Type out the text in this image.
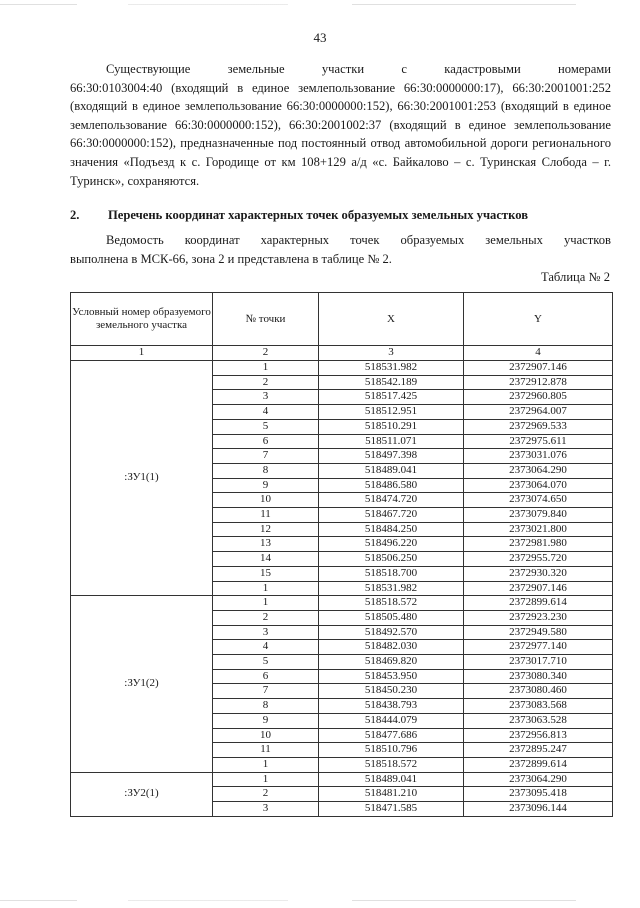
43
Существующие земельные участки с кадастровыми номерами
66:30:0103004:40 (входящий в единое землепользование 66:30:0000000:17), 66:30:2001001:252 (входящий в единое землепользование 66:30:0000000:152), 66:30:2001001:253 (входящий в единое землепользование 66:30:0000000:152), 66:30:2001002:37 (входящий в единое землепользование 66:30:0000000:152), предназначенные под постоянный отвод автомобильной дороги регионального значения «Подъезд к с. Городище от км 108+129 а/д «с. Байкалово – с. Туринская Слобода – г. Туринск», сохраняются.
2. Перечень координат характерных точек образуемых земельных участков
Ведомость координат характерных точек образуемых земельных участков
выполнена в МСК-66, зона 2 и представлена в таблице № 2.
Таблица № 2
Условный номер образуемого земельного участка	№ точки	X	Y
1	2	3	4
:ЗУ1(1)	1	518531.982	2372907.146
	2	518542.189	2372912.878
	3	518517.425	2372960.805
	4	518512.951	2372964.007
	5	518510.291	2372969.533
	6	518511.071	2372975.611
	7	518497.398	2373031.076
	8	518489.041	2373064.290
	9	518486.580	2373064.070
	10	518474.720	2373074.650
	11	518467.720	2373079.840
	12	518484.250	2373021.800
	13	518496.220	2372981.980
	14	518506.250	2372955.720
	15	518518.700	2372930.320
	1	518531.982	2372907.146
:ЗУ1(2)	1	518518.572	2372899.614
	2	518505.480	2372923.230
	3	518492.570	2372949.580
	4	518482.030	2372977.140
	5	518469.820	2373017.710
	6	518453.950	2373080.340
	7	518450.230	2373080.460
	8	518438.793	2373083.568
	9	518444.079	2373063.528
	10	518477.686	2372956.813
	11	518510.796	2372895.247
	1	518518.572	2372899.614
:ЗУ2(1)	1	518489.041	2373064.290
	2	518481.210	2373095.418
	3	518471.585	2373096.144
